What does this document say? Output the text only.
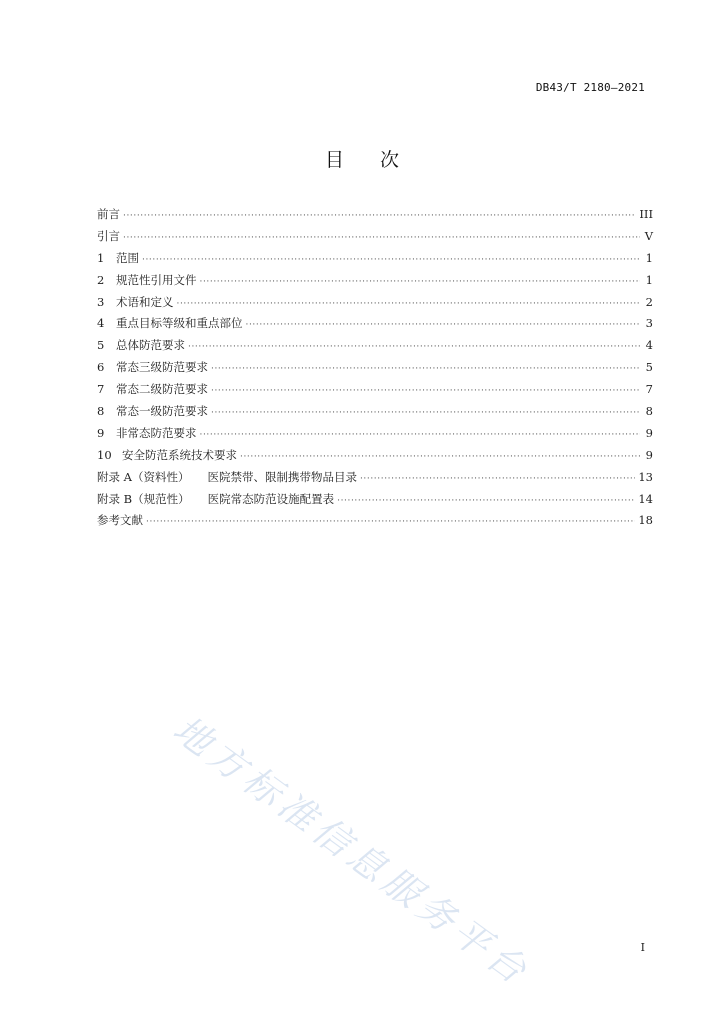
DB43/T 2180—2021
目次
前言 ·····	III
引言 ·····	V
1	范围 ·····	1
2	规范性引用文件 ·····	1
3	术语和定义 ·····	2
4	重点目标等级和重点部位 ·····	3
5	总体防范要求 ·····	4
6	常态三级防范要求 ·····	5
7	常态二级防范要求 ·····	7
8	常态一级防范要求 ·····	8
9	非常态防范要求 ·····	9
10 安全防范系统技术要求 ·····	9
附录 A（资料性） 医院禁带、限制携带物品目录 ·····	13
附录 B（规范性） 医院常态防范设施配置表 ·····	14
参考文献 ·····	18
地方标准信息服务平台	I
